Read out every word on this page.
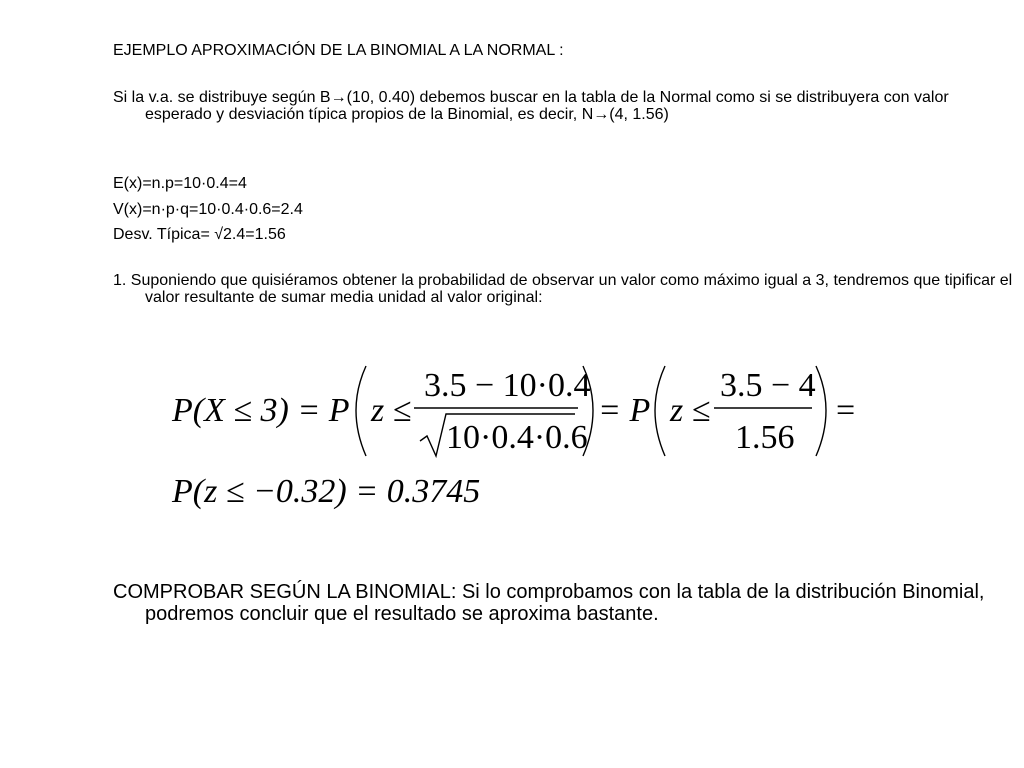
EJEMPLO APROXIMACIÓN DE LA BINOMIAL A LA NORMAL :
Si la v.a. se distribuye según B→(10, 0.40) debemos buscar en la tabla de la Normal como si se distribuyera con valor esperado y desviación típica propios de la Binomial, es decir, N→(4, 1.56)
E(x)=n.p=10·0.4=4
V(x)=n·p·q=10·0.4·0.6=2.4
Desv. Típica= √2.4=1.56
1. Suponiendo que quisiéramos obtener la probabilidad de observar un valor como máximo igual a 3, tendremos que tipificar el valor resultante de sumar media unidad al valor original:
P(X ≤ 3) = P z ≤
3.5 − 10·0.4
10·0.4·0.6
= P z ≤
3.5 − 4
1.56
=
P(z ≤ −0.32) = 0.3745
COMPROBAR SEGÚN LA BINOMIAL: Si lo comprobamos con la tabla de la distribución Binomial, podremos concluir que el resultado se aproxima bastante.
